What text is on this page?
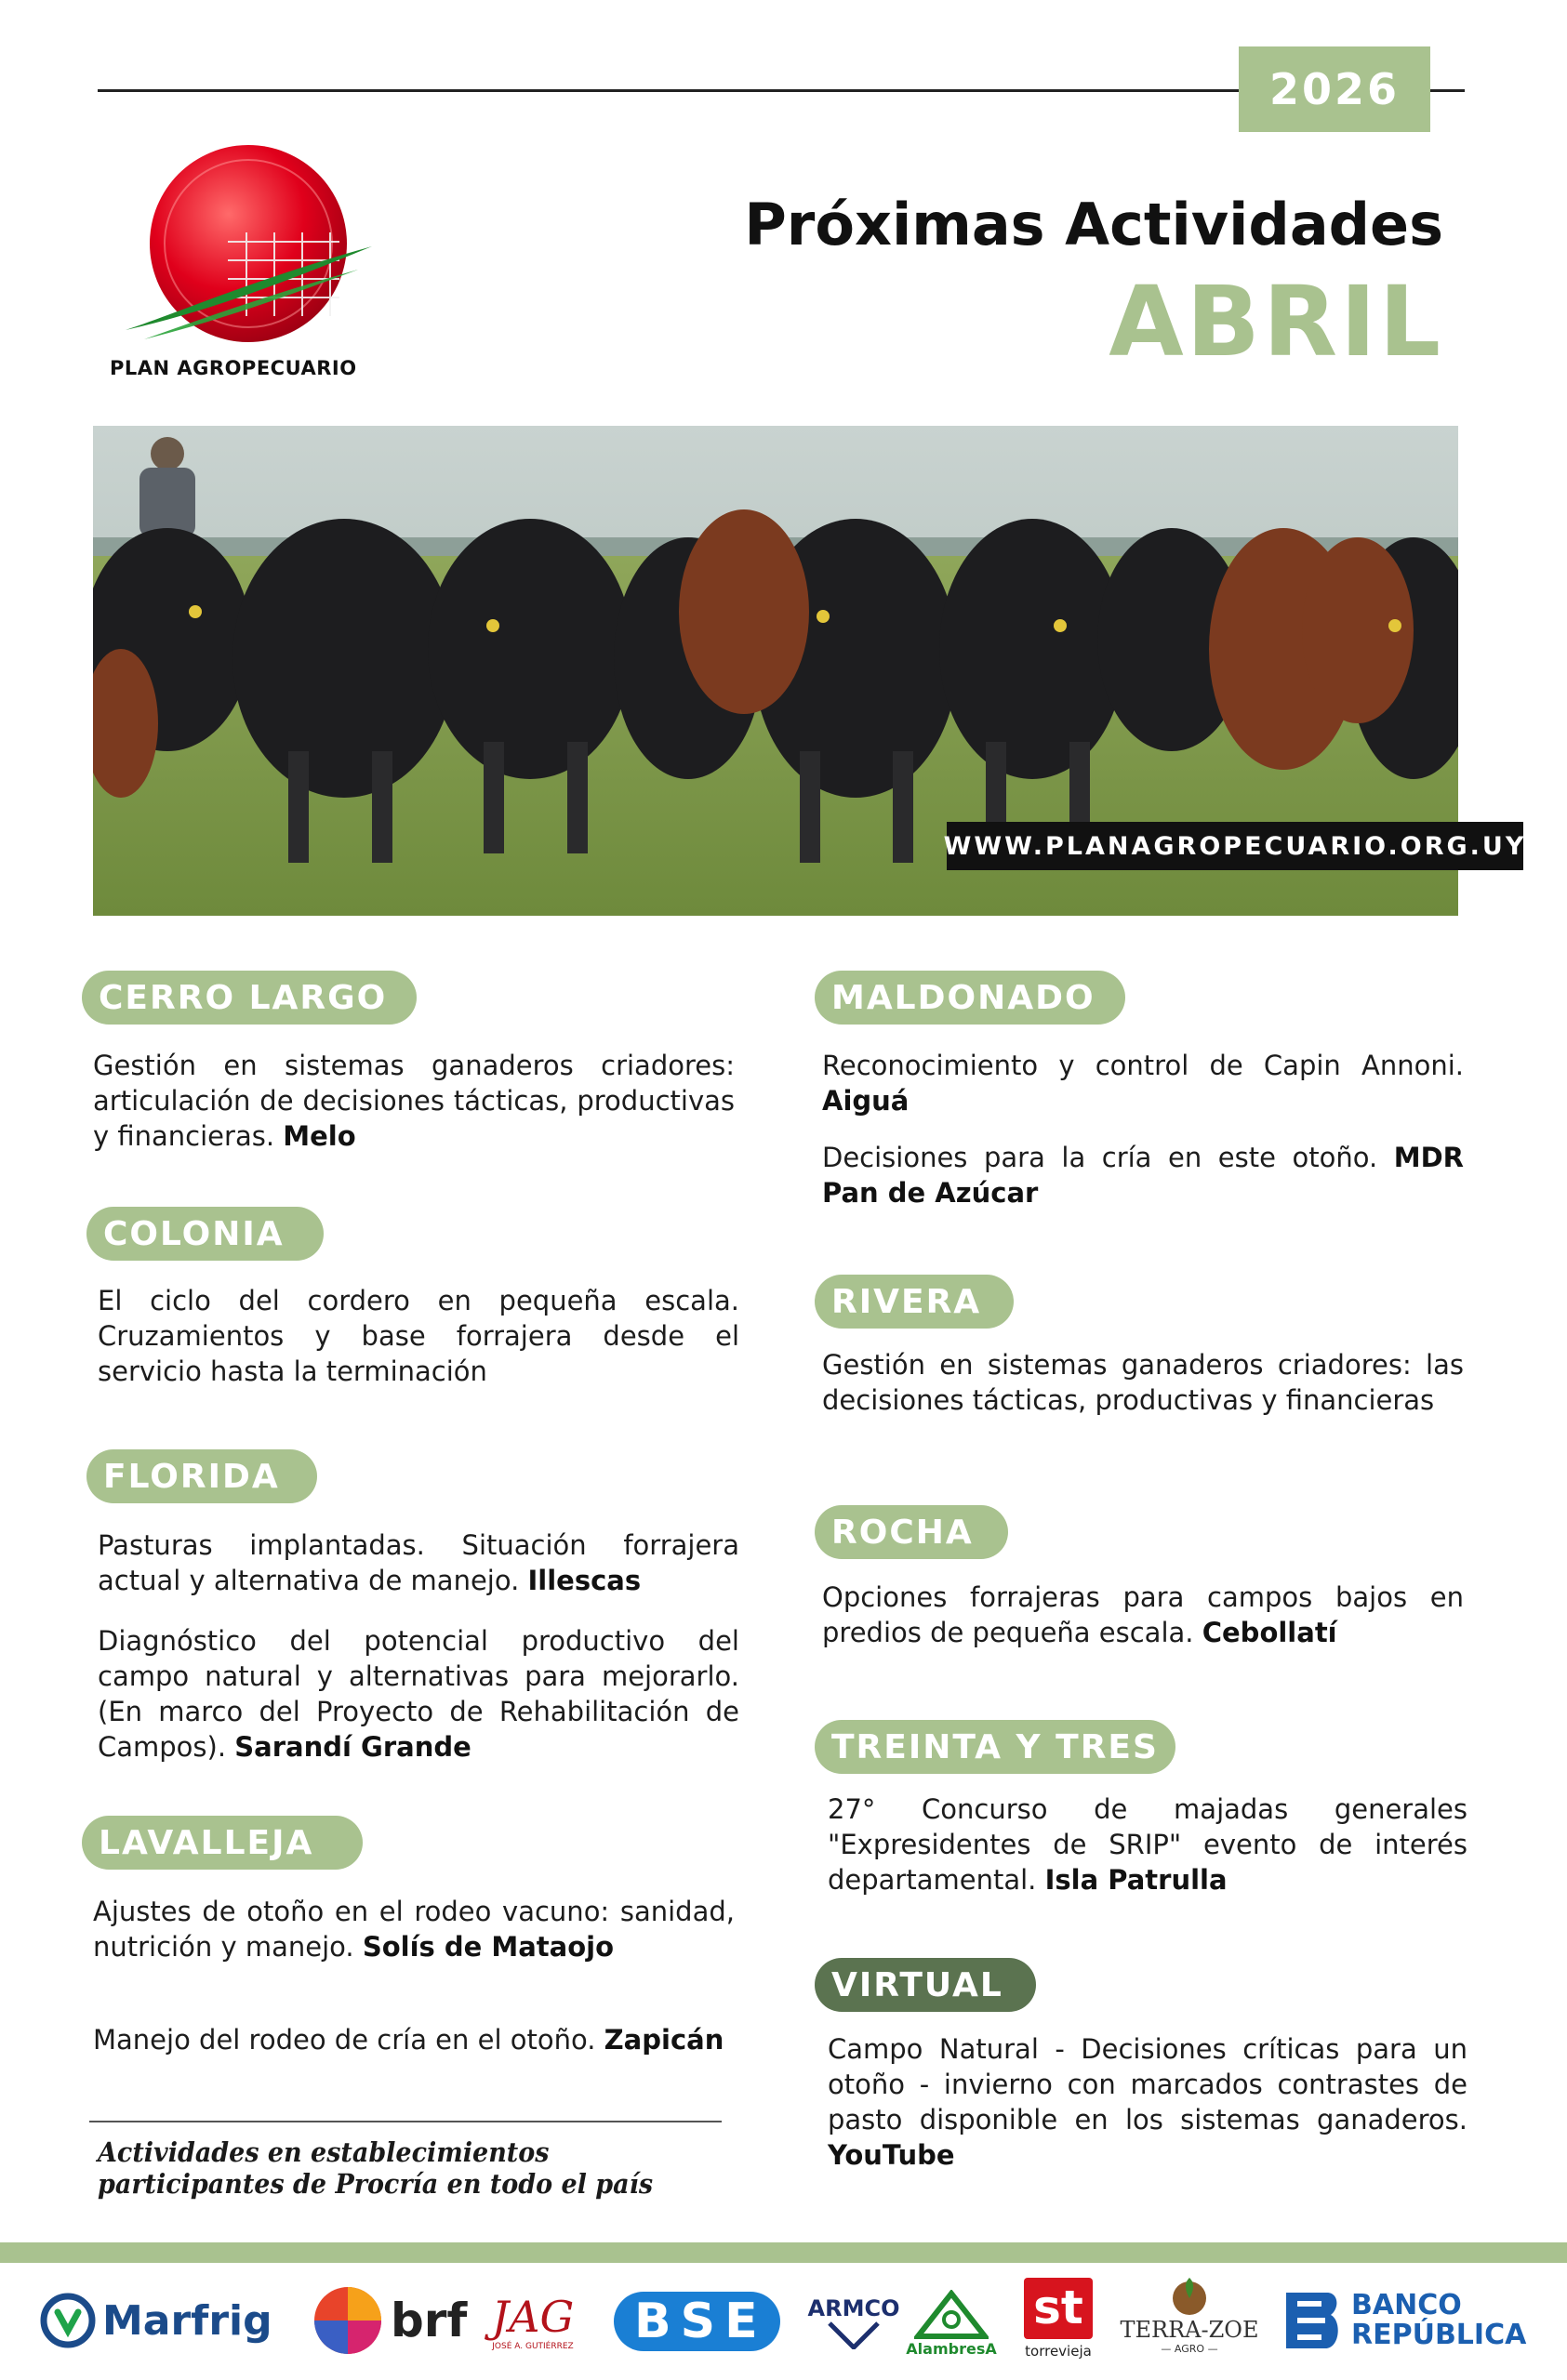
2026
PLAN AGROPECUARIO
Próximas Actividades
ABRIL
WWW.PLANAGROPECUARIO.ORG.UY
CERRO LARGO
Gestión en sistemas ganaderos criadores: articulación de decisiones tácticas, productivas y financieras. Melo
COLONIA
El ciclo del cordero en pequeña escala. Cruzamientos y base forrajera desde el servicio hasta la terminación
FLORIDA
Pasturas implantadas. Situación forrajera actual y alternativa de manejo. Illescas
Diagnóstico del potencial productivo del campo natural y alternativas para mejorarlo. (En marco del Proyecto de Rehabilitación de Campos). Sarandí Grande
LAVALLEJA
Ajustes de otoño en el rodeo vacuno: sanidad, nutrición y manejo. Solís de Mataojo
Manejo del rodeo de cría en el otoño. Zapicán
Actividades en establecimientos participantes de Procría en todo el país
MALDONADO
Reconocimiento y control de Capin Annoni. Aiguá
Decisiones para la cría en este otoño. MDR Pan de Azúcar
RIVERA
Gestión en sistemas ganaderos criadores: las decisiones tácticas, productivas y financieras
ROCHA
Opciones forrajeras para campos bajos en predios de pequeña escala. Cebollatí
TREINTA Y TRES
27° Concurso de majadas generales "Expresidentes de SRIP" evento de interés departamental. Isla Patrulla
VIRTUAL
Campo Natural - Decisiones críticas para un otoño - invierno con marcados contrastes de pasto disponible en los sistemas ganaderos. YouTube
Marfrig	brf JAG
JOSÉ A. GUTIÉRREZ	BSE	ARMCO
AlambresA
st
torrevieja
TERRA-ZOE
— AGRO —
BANCO
REPÚBLICA
